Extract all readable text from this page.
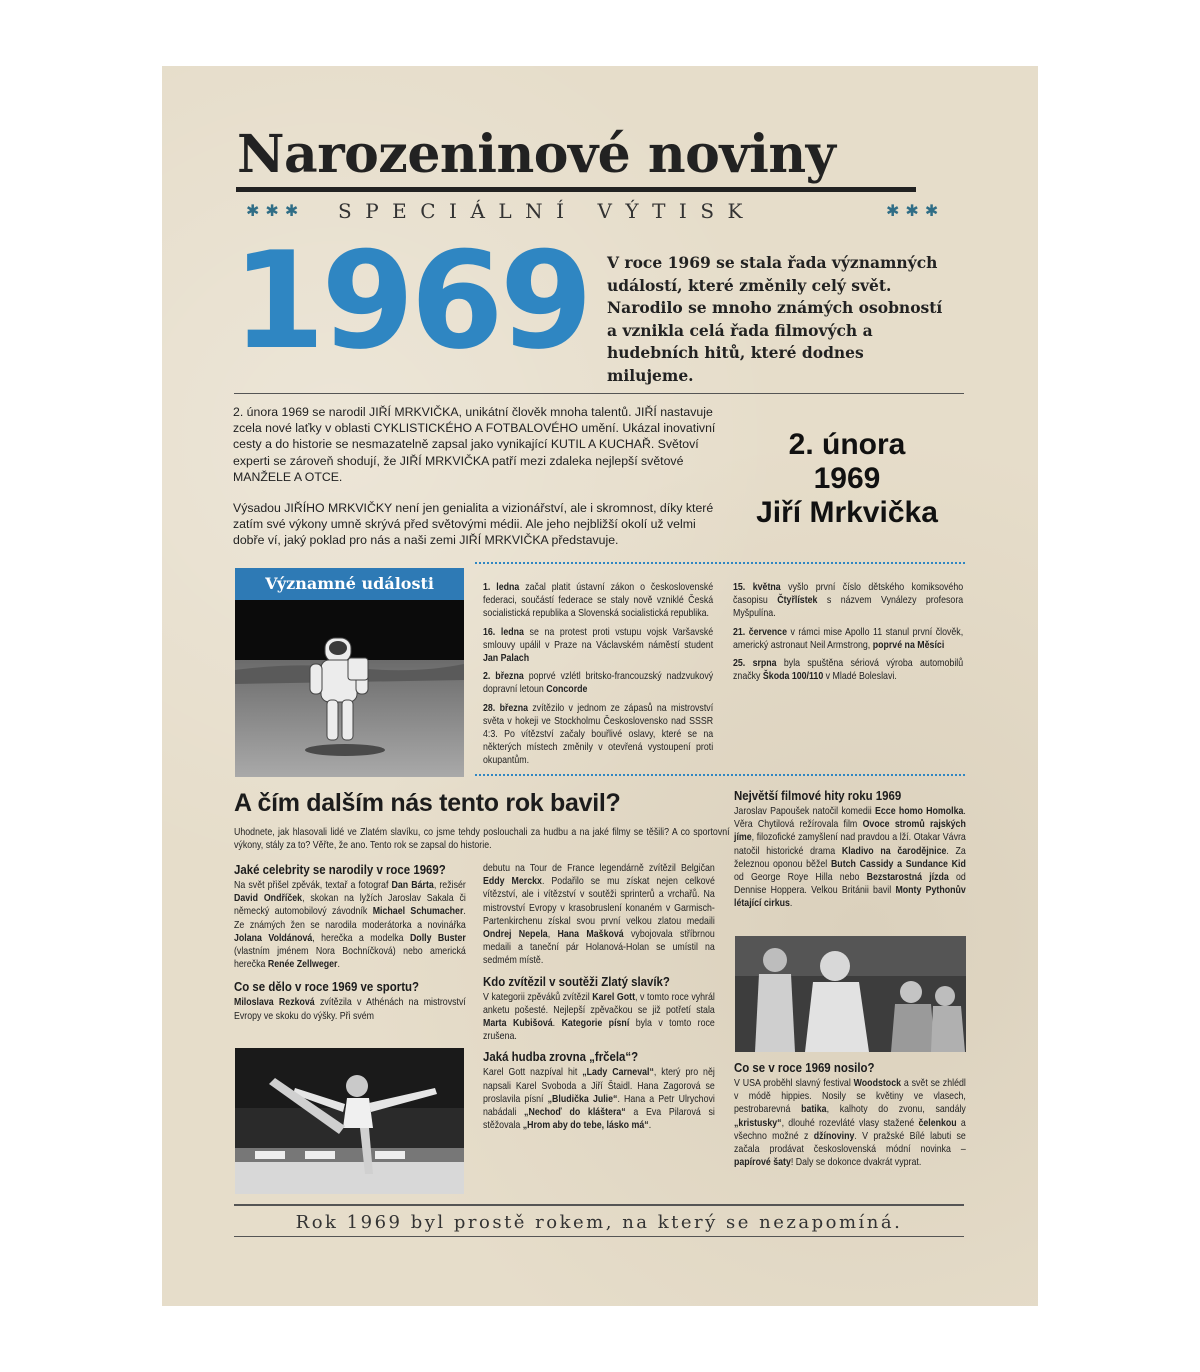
Narozeninové noviny
✱✱✱ SPECIÁLNÍ VÝTISK	✱✱✱
1969 V roce 1969 se stala řada významných událostí, které změnily celý svět. Narodilo se mnoho známých osobností a vznikla celá řada filmových a hudebních hitů, které dodnes milujeme.

2. února 1969 se narodil JIŘÍ MRKVIČKA, unikátní člověk mnoha talentů. JIŘÍ nastavuje zcela nové laťky v oblasti CYKLISTICKÉHO A FOTBALOVÉHO umění. Ukázal inovativní cesty a do historie se nesmazatelně zapsal jako vynikající KUTIL A KUCHAŘ. Světoví experti se zároveň shodují, že JIŘÍ MRKVIČKA patří mezi zdaleka nejlepší světové MANŽELE A OTCE.

Výsadou JIŘÍHO MRKVIČKY není jen genialita a vizionářství, ale i skromnost, díky které zatím své výkony umně skrývá před světovými médii. Ale jeho nejbližší okolí už velmi dobře ví, jaký poklad pro nás a naši zemi JIŘÍ MRKVIČKA představuje.

2. února
1969
Jiří Mrkvička
Významné události	1. ledna začal platit ústavní zákon o československé federaci, součástí federace se staly nově vzniklé Česká socialistická republika a Slovenská socialistická republika.

16. ledna se na protest proti vstupu vojsk Varšavské smlouvy upálil v Praze na Václavském náměstí student Jan Palach

2. března poprvé vzlétl britsko-francouzský nadzvukový dopravní letoun Concorde

28. března zvítězilo v jednom ze zápasů na mistrovství světa v hokeji ve Stockholmu Československo nad SSSR 4:3. Po vítězství začaly bouřlivé oslavy, které se na některých místech změnily v otevřená vystoupení proti okupantům.

15. května vyšlo první číslo dětského komiksového časopisu Čtyřlístek s názvem Vynálezy profesora Myšpulína.

21. července v rámci mise Apollo 11 stanul první člověk, americký astronaut Neil Armstrong, poprvé na Měsíci

25. srpna byla spuštěna sériová výroba automobilů značky Škoda 100/110 v Mladé Boleslavi.

A čím dalším nás tento rok bavil?
Uhodnete, jak hlasovali lidé ve Zlatém slavíku, co jsme tehdy poslouchali za hudbu a na jaké filmy se těšili? A co sportovní výkony, stály za to? Věřte, že ano. Tento rok se zapsal do historie.
Jaké celebrity se narodily v roce 1969?
Na svět přišel zpěvák, textař a fotograf Dan Bárta, režisér David Ondříček, skokan na lyžích Jaroslav Sakala či německý automobilový závodník Michael Schumacher. Ze známých žen se narodila moderátorka a novinářka Jolana Voldánová, herečka a modelka Dolly Buster (vlastním jménem Nora Bochníčková) nebo americká herečka Renée Zellweger.
Co se dělo v roce 1969 ve sportu?
Miloslava Rezková zvítězila v Athénách na mistrovství Evropy ve skoku do výšky. Při svém
debutu na Tour de France legendárně zvítězil Belgičan Eddy Merckx. Podařilo se mu získat nejen celkové vítězství, ale i vítězství v soutěži sprinterů a vrchařů. Na mistrovství Evropy v krasobruslení konaném v Garmisch-Partenkirchenu získal svou první velkou zlatou medaili Ondrej Nepela, Hana Mašková vybojovala stříbrnou medaili a taneční pár Holanová-Holan se umístil na sedmém místě.
Kdo zvítězil v soutěži Zlatý slavík?
V kategorii zpěváků zvítězil Karel Gott, v tomto roce vyhrál anketu pošesté. Nejlepší zpěvačkou se již potřetí stala Marta Kubišová. Kategorie písní byla v tomto roce zrušena.
Jaká hudba zrovna „frčela“?
Karel Gott nazpíval hit „Lady Carneval“, který pro něj napsali Karel Svoboda a Jiří Štaidl. Hana Zagorová se proslavila písní „Bludička Julie“. Hana a Petr Ulrychovi nabádali „Nechoď do kláštera“ a Eva Pilarová si stěžovala „Hrom aby do tebe, lásko má“.
Největší filmové hity roku 1969
Jaroslav Papoušek natočil komedii Ecce homo Homolka. Věra Chytilová režírovala film Ovoce stromů rajských jíme, filozofické zamyšlení nad pravdou a lží. Otakar Vávra natočil historické drama Kladivo na čarodějnice. Za železnou oponou běžel Butch Cassidy a Sundance Kid od George Roye Hilla nebo Bezstarostná jízda od Dennise Hoppera. Velkou Británii bavil Monty Pythonův létající cirkus.
Co se v roce 1969 nosilo?
V USA proběhl slavný festival Woodstock a svět se zhlédl v módě hippies. Nosily se květiny ve vlasech, pestrobarevná batika, kalhoty do zvonu, sandály „kristusky“, dlouhé rozevláté vlasy stažené čelenkou a všechno možné z džínoviny. V pražské Bílé labuti se začala prodávat československá módní novinka – papírové šaty! Daly se dokonce dvakrát vyprat.
Rok 1969 byl prostě rokem, na který se nezapomíná.
